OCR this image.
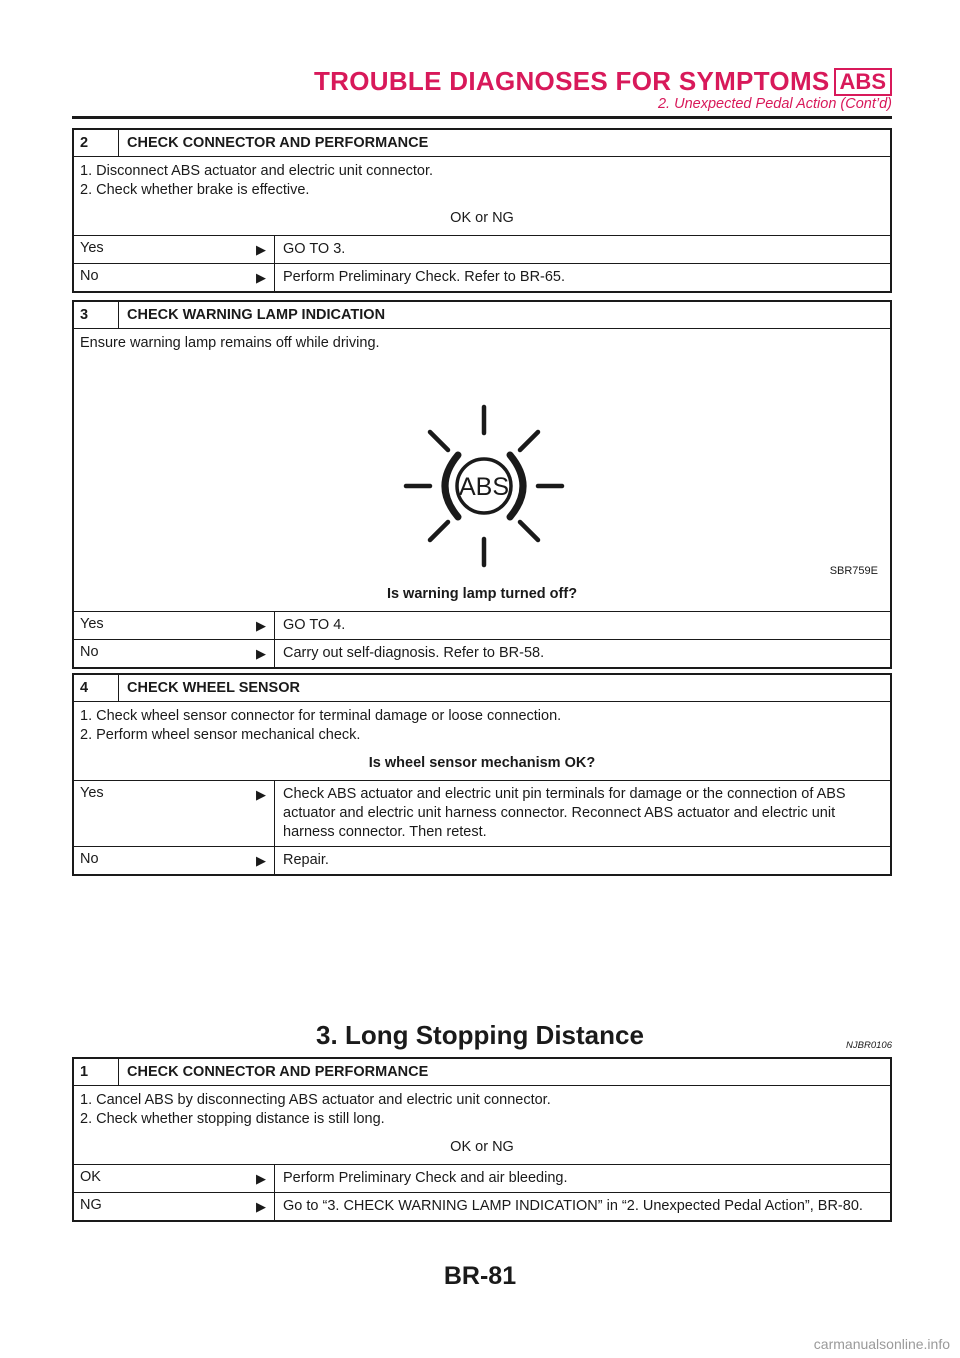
TROUBLE DIAGNOSES FOR SYMPTOMS ABS
2. Unexpected Pedal Action (Cont’d)
2	CHECK CONNECTOR AND PERFORMANCE
1. Disconnect ABS actuator and electric unit connector.
2. Check whether brake is effective.
OK or NG
Yes	▶	GO TO 3.
No	▶	Perform Preliminary Check. Refer to BR-65.
3	CHECK WARNING LAMP INDICATION
Ensure warning lamp remains off while driving.
ABS
SBR759E
Is warning lamp turned off?
Yes	▶	GO TO 4.
No	▶	Carry out self-diagnosis. Refer to BR-58.
4	CHECK WHEEL SENSOR
1. Check wheel sensor connector for terminal damage or loose connection.
2. Perform wheel sensor mechanical check.
Is wheel sensor mechanism OK?
Yes	▶	Check ABS actuator and electric unit pin terminals for damage or the connection of ABS actuator and electric unit harness connector. Reconnect ABS actuator and electric unit harness connector. Then retest.
No	▶	Repair.
3. Long Stopping Distance	NJBR0106
1	CHECK CONNECTOR AND PERFORMANCE
1. Cancel ABS by disconnecting ABS actuator and electric unit connector.
2. Check whether stopping distance is still long.
OK or NG
OK	▶	Perform Preliminary Check and air bleeding.
NG	▶	Go to “3. CHECK WARNING LAMP INDICATION” in “2. Unexpected Pedal Action”, BR-80.
BR-81
carmanualsonline.info
